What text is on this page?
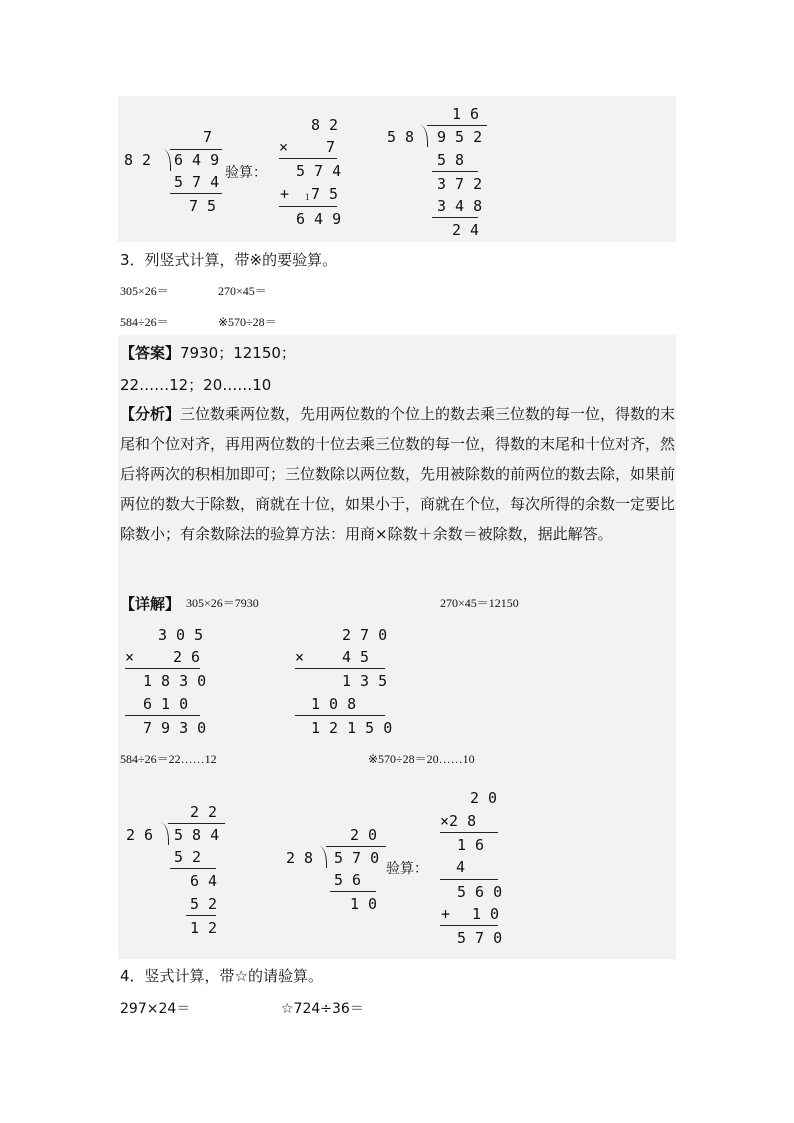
7
8 2 6 4 9
5 7 4
7 5
验算：
8 2
×	7
5 7 4
+ 1 7 5
6 4 9
1 6
5 8 9 5 2
5 8
3 7 2
3 4 8
2 4
3．列竖式计算，带※的要验算。
305×26＝	270×45＝
584÷26＝	※570÷28＝
【答案】7930；12150；
22……12；20……10
【分析】三位数乘两位数，先用两位数的个位上的数去乘三位数的每一位，得数的末尾和个位对齐，再用两位数的十位去乘三位数的每一位，得数的末尾和十位对齐，然后将两次的积相加即可；三位数除以两位数，先用被除数的前两位的数去除，如果前两位的数大于除数，商就在十位，如果小于，商就在个位，每次所得的余数一定要比除数小；有余数除法的验算方法：用商×除数＋余数＝被除数，据此解答。
【详解】 305×26＝7930	270×45＝12150
3 0 5
×	2 6
1 8 3 0
6 1 0
7 9 3 0
2 7 0
×	4 5
1 3 5
1 0 8
1 2 1 5 0
584÷26＝22……12	※570÷28＝20……10
2 2
2 6 5 8 4
5 2
6 4
5 2
1 2
2 0
2 8 5 7 0
5 6
1 0
验算：
2 0
×2 8
1 6
4
5 6 0
+ 1 0
5 7 0
4．竖式计算，带☆的请验算。
297×24＝	☆724÷36＝
